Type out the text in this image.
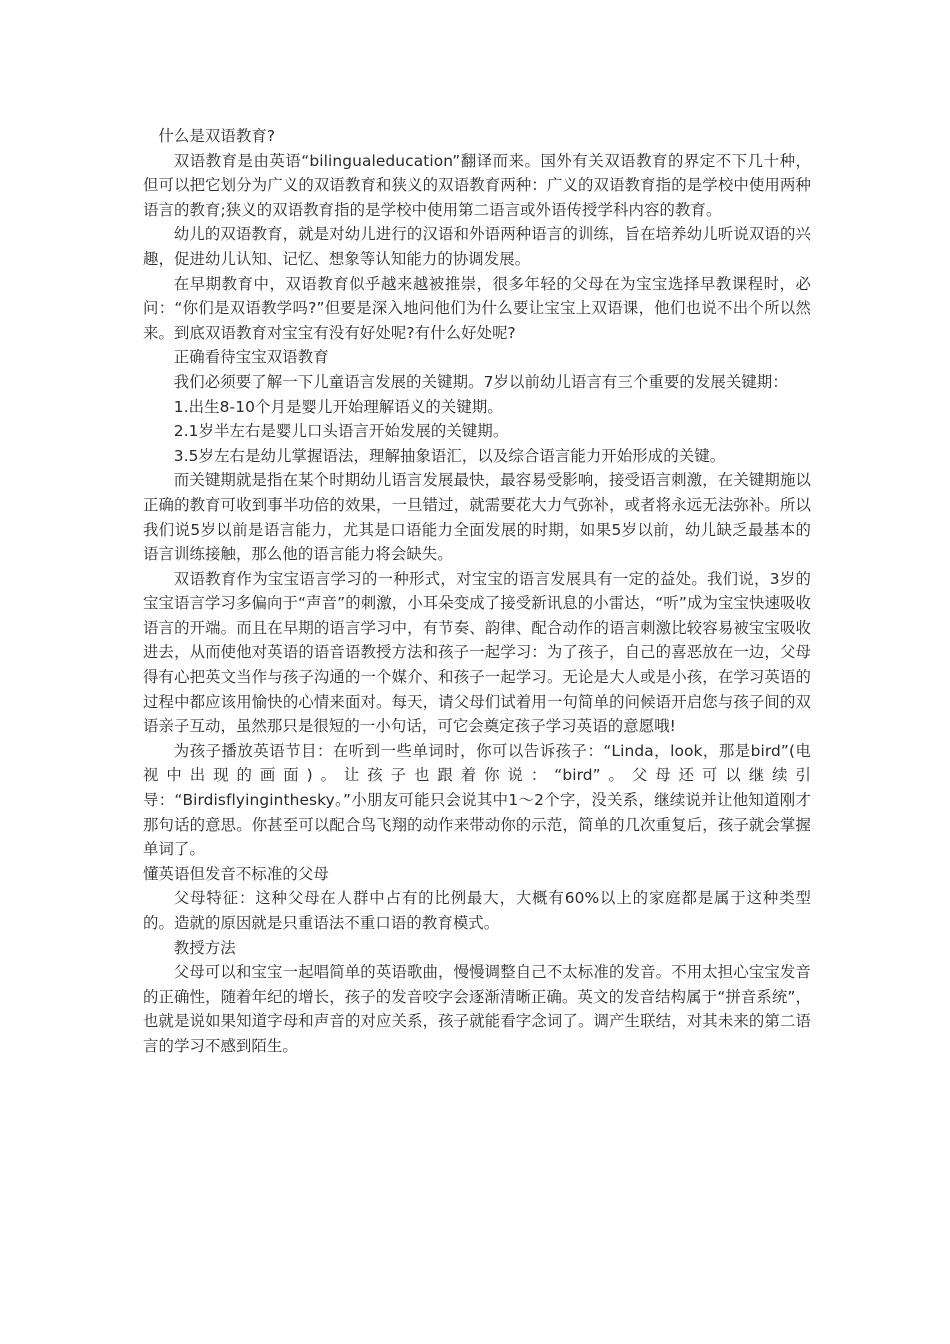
什么是双语教育?

双语教育是由英语“bilingualeducation”翻译而来。国外有关双语教育的界定不下几十种，但可以把它划分为广义的双语教育和狭义的双语教育两种：广义的双语教育指的是学校中使用两种语言的教育;狭义的双语教育指的是学校中使用第二语言或外语传授学科内容的教育。

幼儿的双语教育，就是对幼儿进行的汉语和外语两种语言的训练，旨在培养幼儿听说双语的兴趣，促进幼儿认知、记忆、想象等认知能力的协调发展。

在早期教育中，双语教育似乎越来越被推崇，很多年轻的父母在为宝宝选择早教课程时，必问：“你们是双语教学吗?”但要是深入地问他们为什么要让宝宝上双语课，他们也说不出个所以然来。到底双语教育对宝宝有没有好处呢?有什么好处呢?

正确看待宝宝双语教育

我们必须要了解一下儿童语言发展的关键期。7岁以前幼儿语言有三个重要的发展关键期：

1.出生8-10个月是婴儿开始理解语义的关键期。

2.1岁半左右是婴儿口头语言开始发展的关键期。

3.5岁左右是幼儿掌握语法，理解抽象语汇，以及综合语言能力开始形成的关键。

而关键期就是指在某个时期幼儿语言发展最快，最容易受影响，接受语言刺激，在关键期施以正确的教育可收到事半功倍的效果，一旦错过，就需要花大力气弥补，或者将永远无法弥补。所以我们说5岁以前是语言能力，尤其是口语能力全面发展的时期，如果5岁以前，幼儿缺乏最基本的语言训练接触，那么他的语言能力将会缺失。

双语教育作为宝宝语言学习的一种形式，对宝宝的语言发展具有一定的益处。我们说，3岁的宝宝语言学习多偏向于“声音”的刺激，小耳朵变成了接受新讯息的小雷达，“听”成为宝宝快速吸收语言的开端。而且在早期的语言学习中，有节奏、韵律、配合动作的语言刺激比较容易被宝宝吸收进去，从而使他对英语的语音语教授方法和孩子一起学习：为了孩子，自己的喜恶放在一边，父母得有心把英文当作与孩子沟通的一个媒介、和孩子一起学习。无论是大人或是小孩，在学习英语的过程中都应该用愉快的心情来面对。每天，请父母们试着用一句简单的问候语开启您与孩子间的双语亲子互动，虽然那只是很短的一小句话，可它会奠定孩子学习英语的意愿哦!

为孩子播放英语节目：在听到一些单词时，你可以告诉孩子：“Linda，look，那是bird”(电视中出现的画面)。让孩子也跟着你说：“bird”。父母还可以继续引导：“Birdisflyinginthesky。”小朋友可能只会说其中1～2个字，没关系，继续说并让他知道刚才那句话的意思。你甚至可以配合鸟飞翔的动作来带动你的示范，简单的几次重复后，孩子就会掌握单词了。

懂英语但发音不标准的父母

父母特征：这种父母在人群中占有的比例最大，大概有60%以上的家庭都是属于这种类型的。造就的原因就是只重语法不重口语的教育模式。

教授方法

父母可以和宝宝一起唱简单的英语歌曲，慢慢调整自己不太标准的发音。不用太担心宝宝发音的正确性，随着年纪的增长，孩子的发音咬字会逐渐清晰正确。英文的发音结构属于“拼音系统”，也就是说如果知道字母和声音的对应关系，孩子就能看字念词了。调产生联结，对其未来的第二语言的学习不感到陌生。
